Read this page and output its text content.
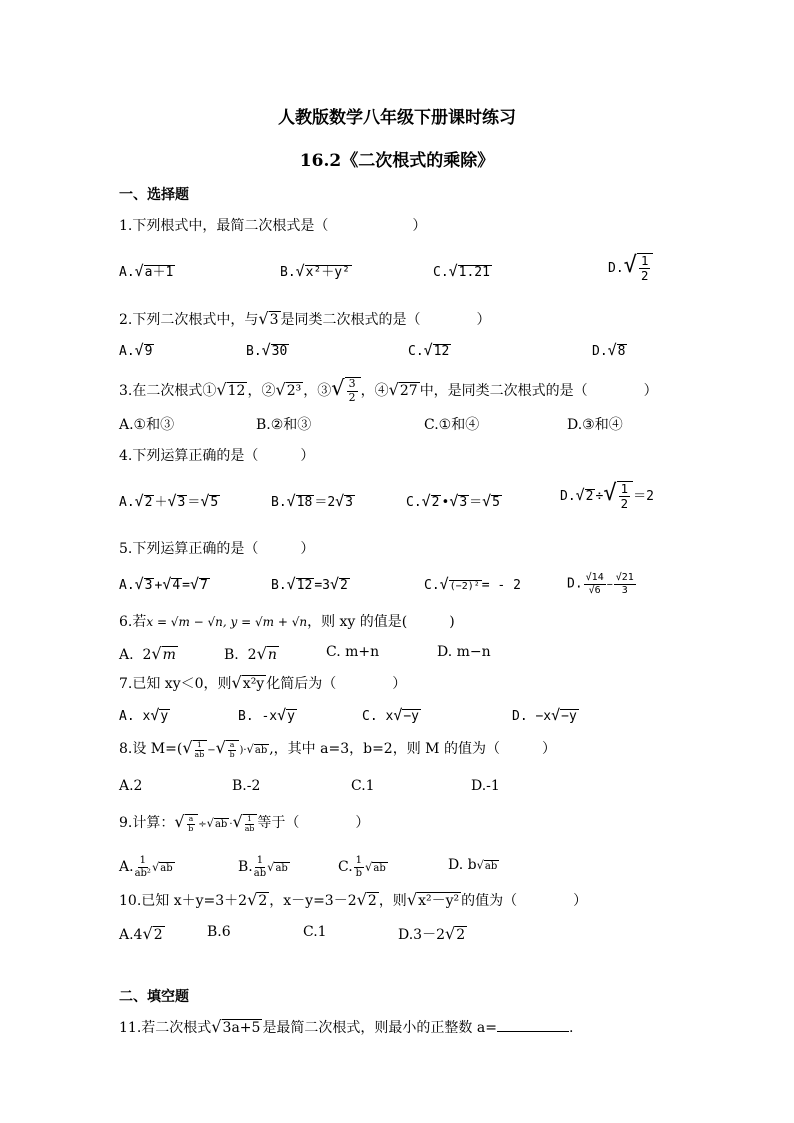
人教版数学八年级下册课时练习
16.2《二次根式的乘除》
一、选择题
1.下列根式中，最简二次根式是（　　　　　　）
A.√a＋1	B.√x²＋y²	C.√1.21	$D.√ \frac{1}{2}$
2.下列二次根式中，与√3 是同类二次根式的是（　　　　）
A.√9	B.√30	C.√12	D.√8
3.在二次根式①√12 ，②√2³ ，③√ $\frac{3}{2}$ ，④√27 中，是同类二次根式的是（　　　　）
A.①和③	B.②和③	C.①和④	D.③和④
4.下列运算正确的是（　　　）
A.√2 ＋√3 ＝√5	B.√18 ＝2√3	C.√2 •√3 ＝√5	D.√2 ÷√ $\frac{1}{2} =2$
5.下列运算正确的是（　　　）
A.√3 +√4 =√7	B.√12 =3√2	C.√(−2)² = - 2	D. $\frac{√14}{√6} - \frac{√21}{3}$
6.若x = √m − √n, y = √m + √n，则 xy 的值是(　　　)
A. 2√m	B. 2√n	C. m+n	D. m−n
7.已知 xy＜0，则√x²y 化简后为（　　　　）
A. x√y	B. -x√y	C. x√−y	D. −x√−y
8.设 $M=(√ \frac{1}{ab}$ −√ $\frac{a}{b} )\cdot√ab$ ,，其中 a=3，b=2，则 M 的值为（　　　）
A.2	B.-2	C.1	D.-1
9.计算：√ $\frac{a}{b} \div√ab$ ·√ $\frac{1}{ab}$ 等于（　　　　）
A. $\frac{1}{\text{ab²}} √ab$	B. $\frac{1}{ab} √ab$	C. $\frac{1}{b} √ab$	D. b√ab
10.已知 x＋y=3＋2√2 ，x－y=3－2√2 ，则√x²－y² 的值为（　　　　）
A.4√2	B.6	C.1	D.3－2√2
二、填空题
11.若二次根式√3a+5 是最简二次根式，则最小的正整数 a=	.
